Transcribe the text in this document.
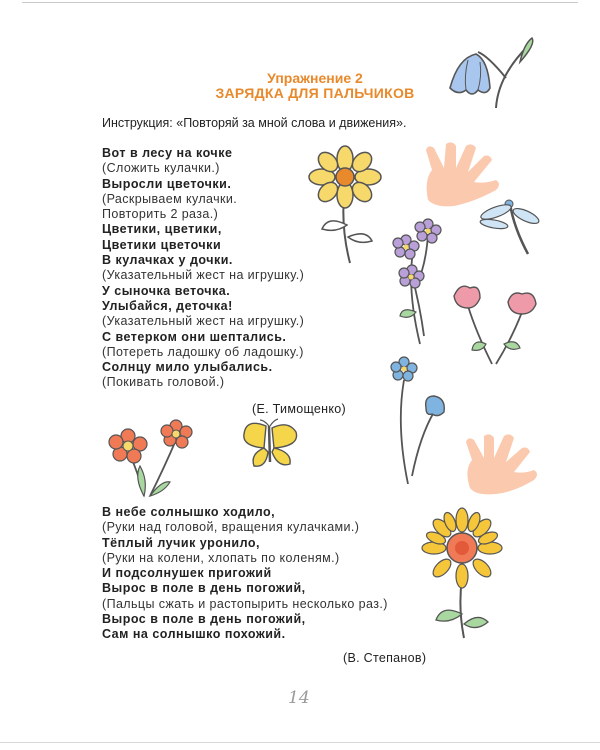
Упражнение 2
ЗАРЯДКА ДЛЯ ПАЛЬЧИКОВ
Инструкция: «Повторяй за мной слова и движения».
Вот в лесу на кочке
(Сложить кулачки.)
Выросли цветочки.
(Раскрываем кулачки.
Повторить 2 раза.)
Цветики, цветики,
Цветики цветочки
В кулачках у дочки.
(Указательный жест на игрушку.)
У сыночка веточка.
Улыбайся, деточка!
(Указательный жест на игрушку.)
С ветерком они шептались.
(Потереть ладошку об ладошку.)
Солнцу мило улыбались.
(Покивать головой.)
(Е. Тимощенко)
В небе солнышко ходило,
(Руки над головой, вращения кулачками.)
Тёплый лучик уронило,
(Руки на колени, хлопать по коленям.)
И подсолнушек пригожий
Вырос в поле в день погожий,
(Пальцы сжать и растопырить несколько раз.)
Вырос в поле в день погожий,
Сам на солнышко похожий.
(В. Степанов)
14
